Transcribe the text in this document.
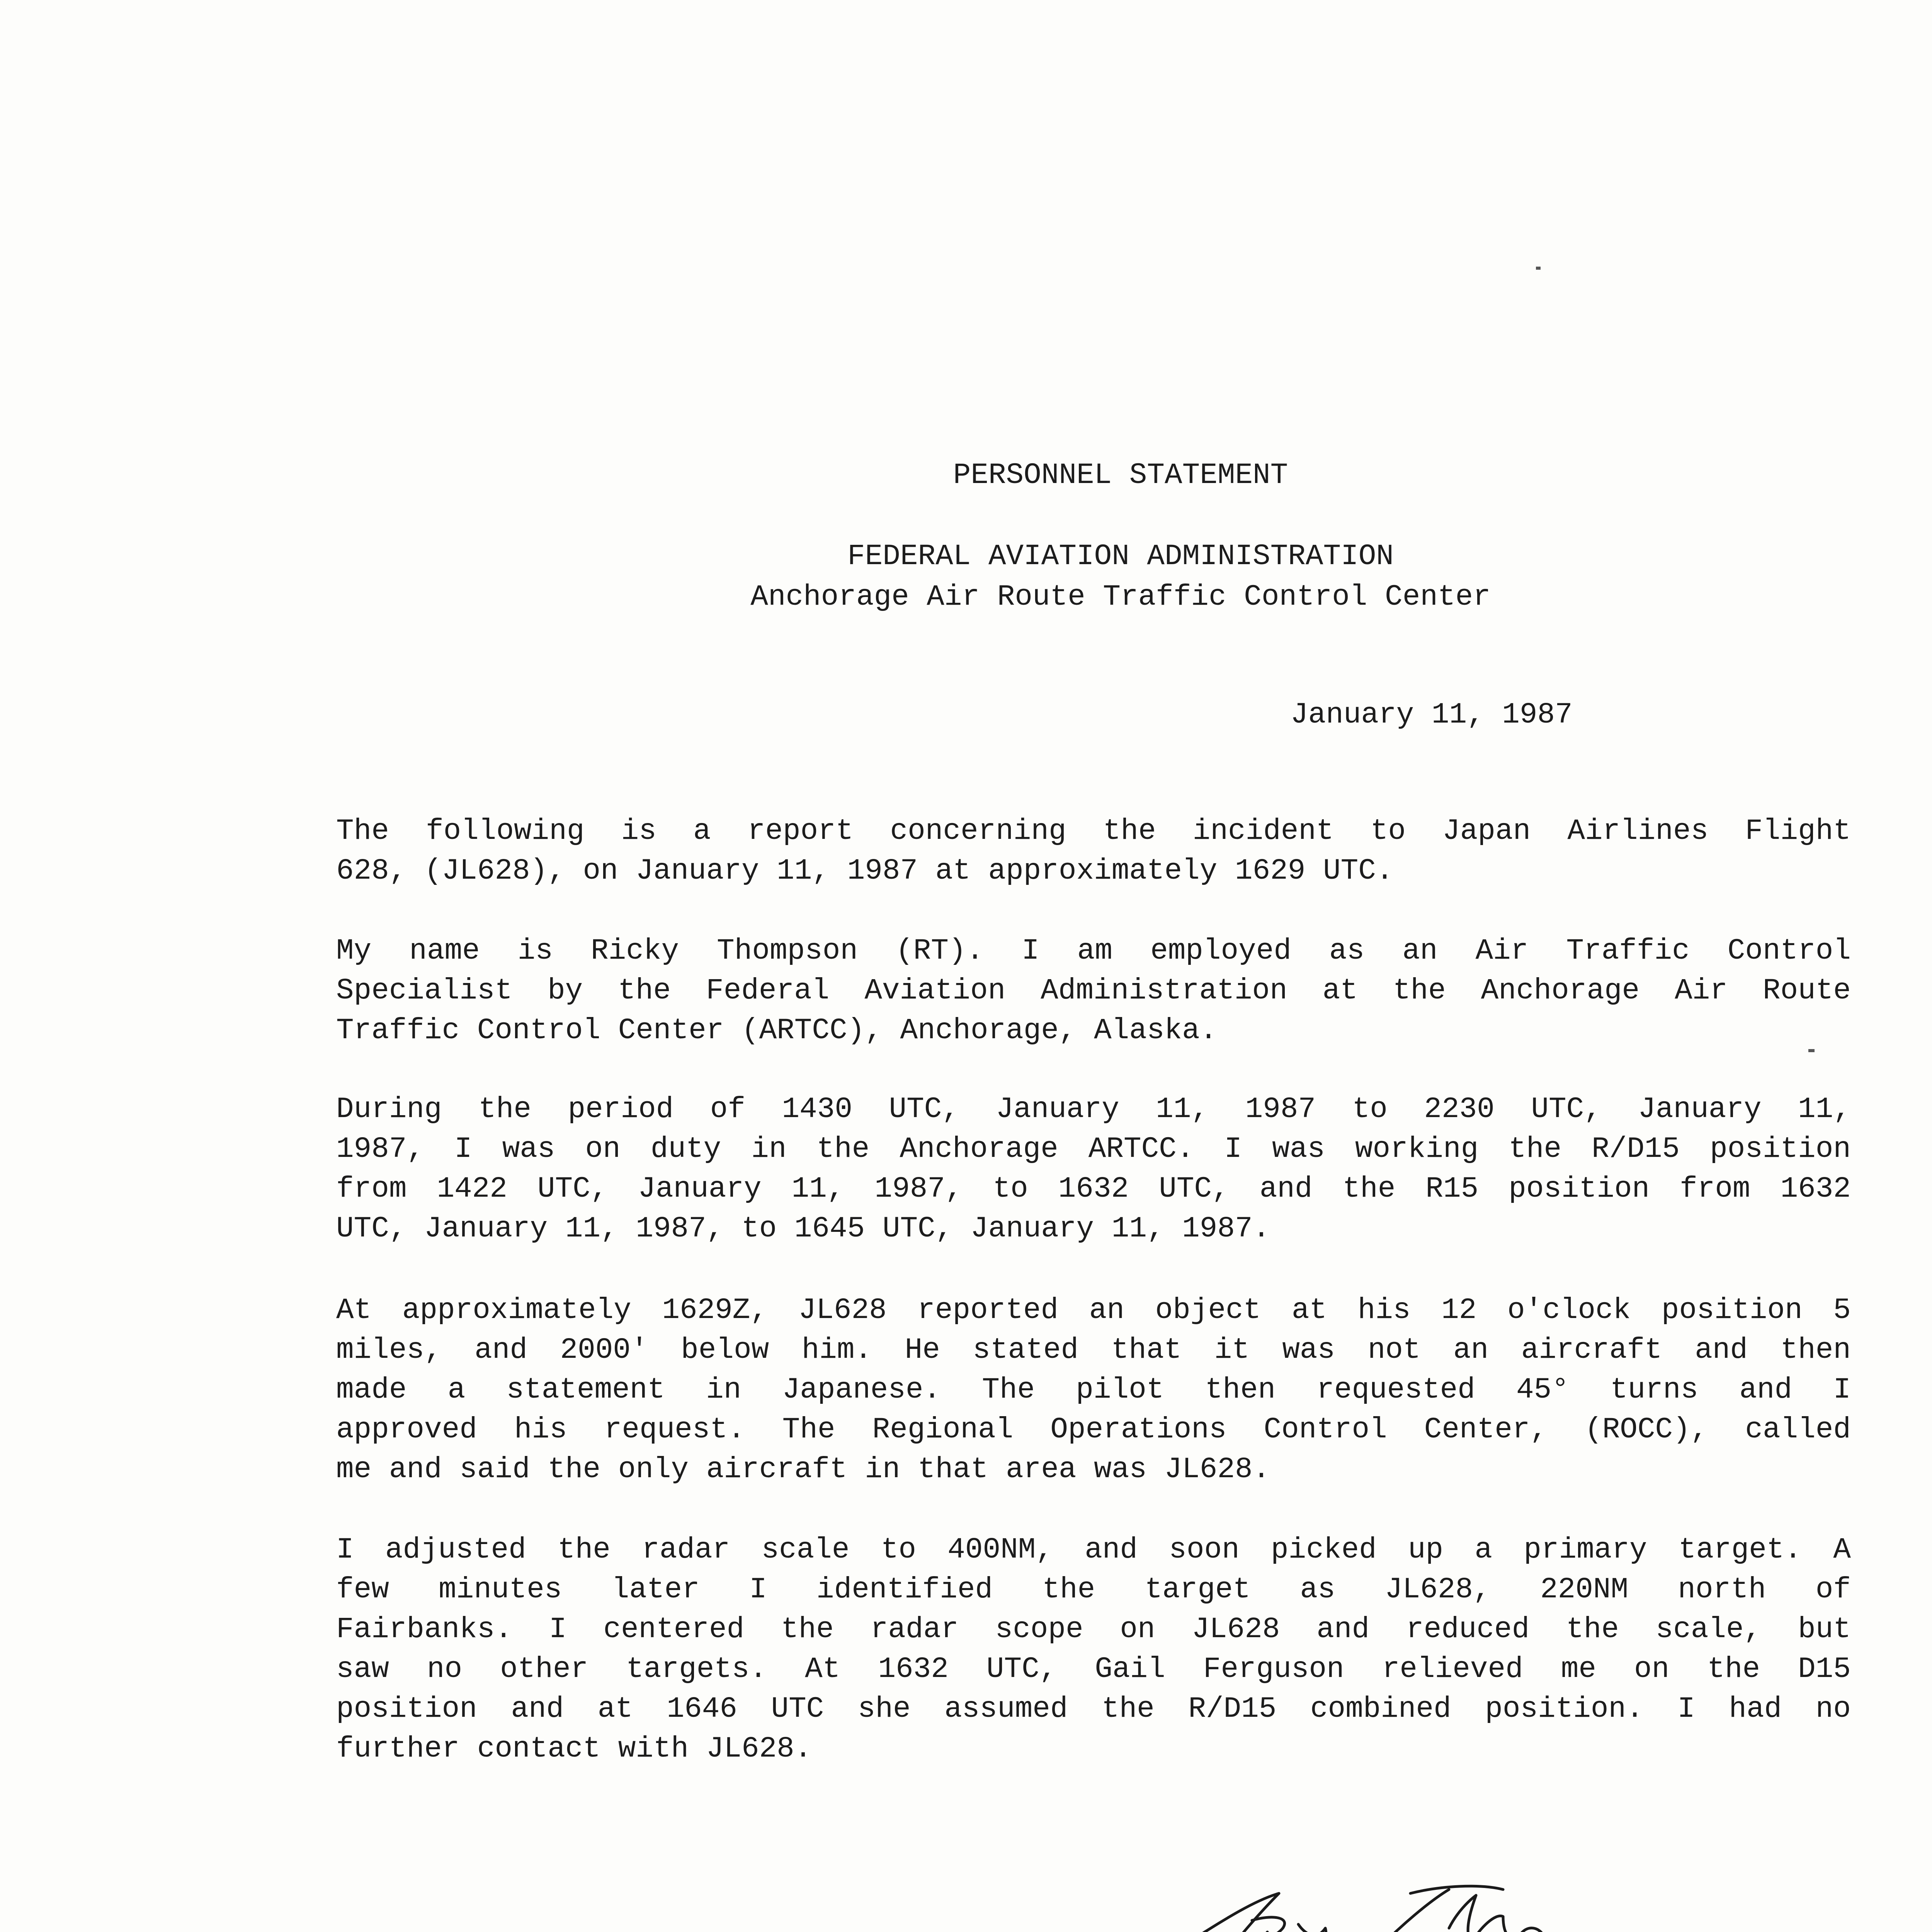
PERSONNEL STATEMENT
FEDERAL AVIATION ADMINISTRATION
Anchorage Air Route Traffic Control Center
January 11, 1987
The following is a report concerning the incident to Japan Airlines Flight
628, (JL628), on January 11, 1987 at approximately 1629 UTC.
My name is Ricky Thompson (RT). I am employed as an Air Traffic Control
Specialist by the Federal Aviation Administration at the Anchorage Air Route
Traffic Control Center (ARTCC), Anchorage, Alaska.
During the period of 1430 UTC, January 11, 1987 to 2230 UTC, January 11,
1987, I was on duty in the Anchorage ARTCC. I was working the R/D15 position
from 1422 UTC, January 11, 1987, to 1632 UTC, and the R15 position from 1632
UTC, January 11, 1987, to 1645 UTC, January 11, 1987.
At approximately 1629Z, JL628 reported an object at his 12 o'clock position 5
miles, and 2000' below him. He stated that it was not an aircraft and then
made a statement in Japanese. The pilot then requested 45° turns and I
approved his request. The Regional Operations Control Center, (ROCC), called
me and said the only aircraft in that area was JL628.
I adjusted the radar scale to 400NM, and soon picked up a primary target. A
few minutes later I identified the target as JL628, 220NM north of
Fairbanks. I centered the radar scope on JL628 and reduced the scale, but
saw no other targets. At 1632 UTC, Gail Ferguson relieved me on the D15
position and at 1646 UTC she assumed the R/D15 combined position. I had no
further contact with JL628.
